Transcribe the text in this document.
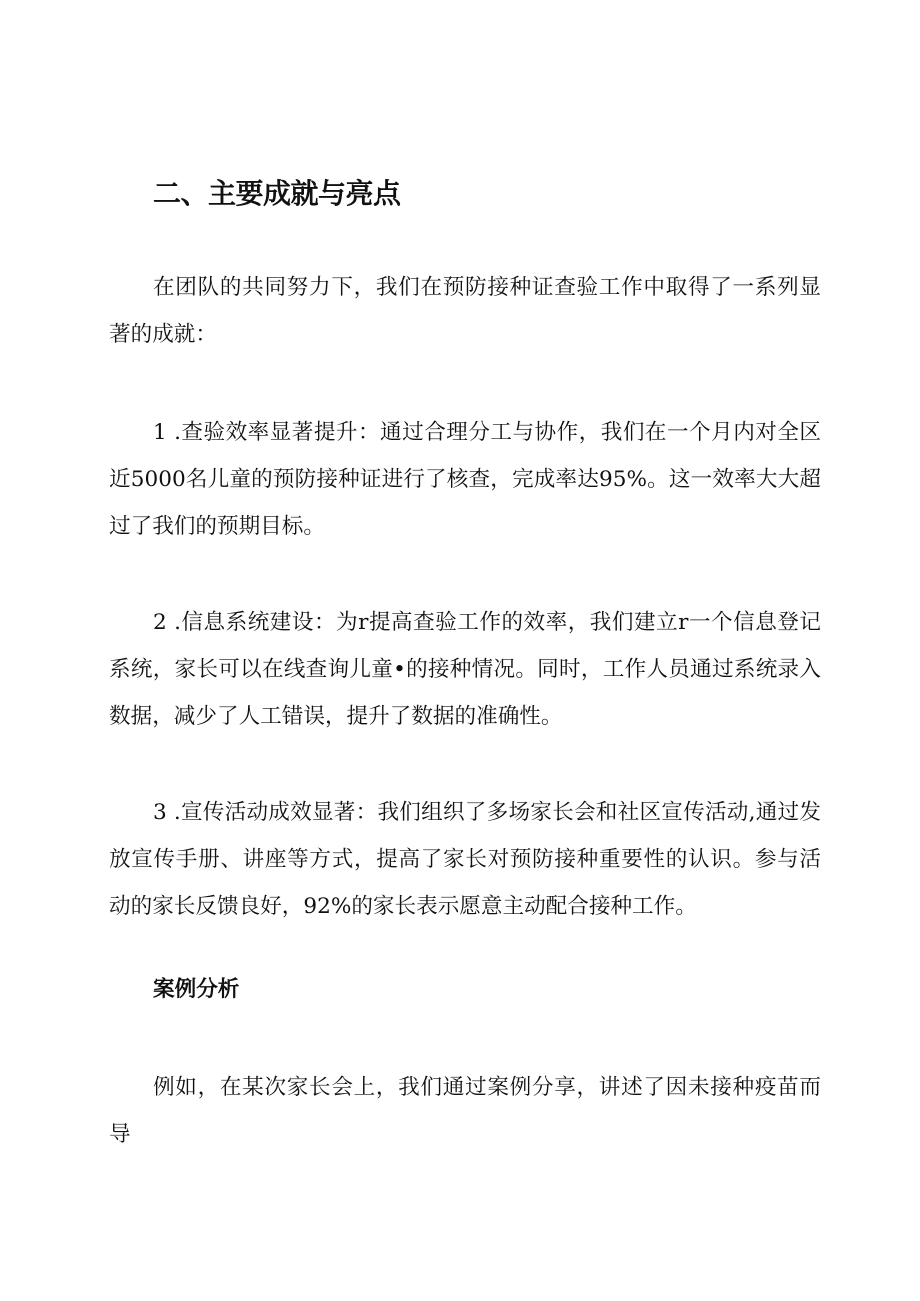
二、主要成就与亮点

在团队的共同努力下，我们在预防接种证查验工作中取得了一系列显著的成就：

1 .查验效率显著提升：通过合理分工与协作，我们在一个月内对全区近5000名儿童的预防接种证进行了核查，完成率达95%。这一效率大大超过了我们的预期目标。

2 .信息系统建设：为r提高查验工作的效率，我们建立r一个信息登记系统，家长可以在线查询儿童•的接种情况。同时，工作人员通过系统录入数据，减少了人工错误，提升了数据的准确性。

3 .宣传活动成效显著：我们组织了多场家长会和社区宣传活动,通过发放宣传手册、讲座等方式，提高了家长对预防接种重要性的认识。参与活动的家长反馈良好，92%的家长表示愿意主动配合接种工作。

案例分析

例如，在某次家长会上，我们通过案例分享，讲述了因未接种疫苗而导
